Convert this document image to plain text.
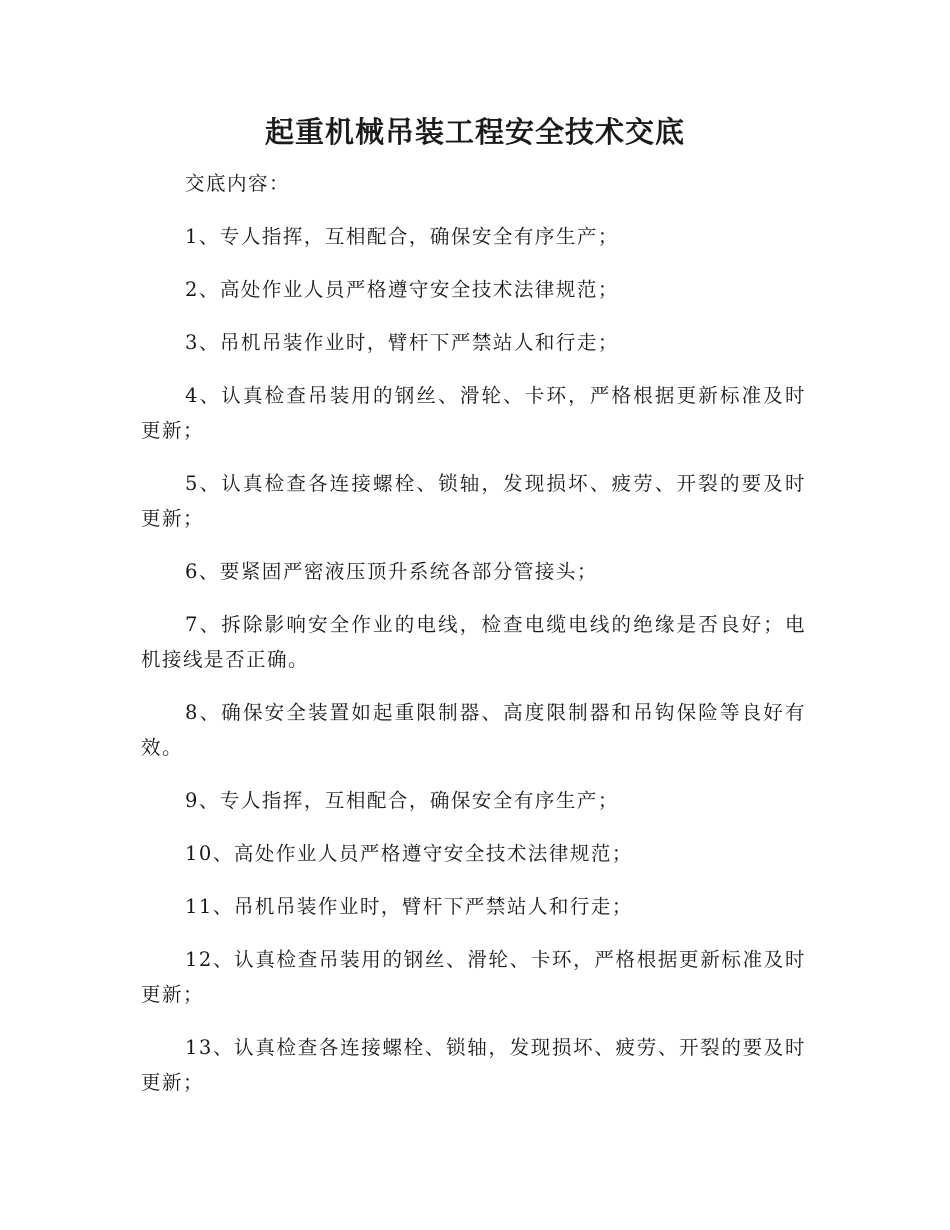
起重机械吊装工程安全技术交底

交底内容：

1、专人指挥，互相配合，确保安全有序生产；

2、高处作业人员严格遵守安全技术法律规范；

3、吊机吊装作业时，臂杆下严禁站人和行走；

4、认真检查吊装用的钢丝、滑轮、卡环，严格根据更新标准及时更新；

5、认真检查各连接螺栓、锁轴，发现损坏、疲劳、开裂的要及时更新；

6、要紧固严密液压顶升系统各部分管接头；

7、拆除影响安全作业的电线，检查电缆电线的绝缘是否良好；电机接线是否正确。

8、确保安全装置如起重限制器、高度限制器和吊钩保险等良好有效。

9、专人指挥，互相配合，确保安全有序生产；

10、高处作业人员严格遵守安全技术法律规范；

11、吊机吊装作业时，臂杆下严禁站人和行走；

12、认真检查吊装用的钢丝、滑轮、卡环，严格根据更新标准及时更新；

13、认真检查各连接螺栓、锁轴，发现损坏、疲劳、开裂的要及时更新；
